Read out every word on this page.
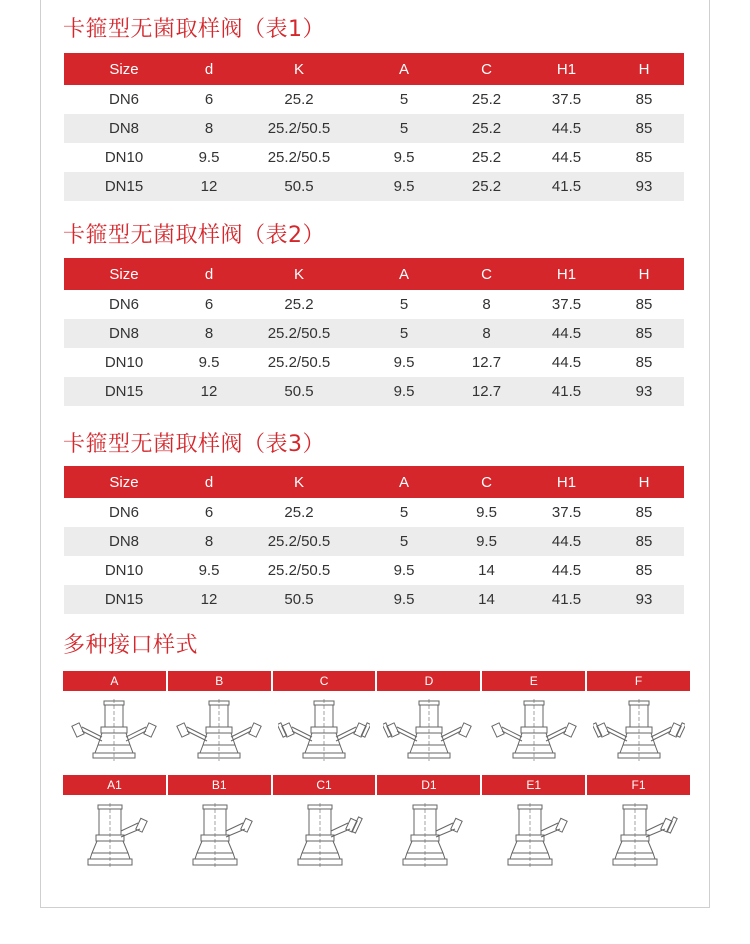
卡箍型无菌取样阀（表1）
Size	d	K	A	C	H1	H
DN6	6	25.2	5	25.2	37.5	85
DN8	8	25.2/50.5	5	25.2	44.5	85
DN10	9.5	25.2/50.5	9.5	25.2	44.5	85
DN15	12	50.5	9.5	25.2	41.5	93
卡箍型无菌取样阀（表2）
Size	d	K	A	C	H1	H
DN6	6	25.2	5	8	37.5	85
DN8	8	25.2/50.5	5	8	44.5	85
DN10	9.5	25.2/50.5	9.5	12.7	44.5	85
DN15	12	50.5	9.5	12.7	41.5	93
卡箍型无菌取样阀（表3）
Size	d	K	A	C	H1	H
DN6	6	25.2	5	9.5	37.5	85
DN8	8	25.2/50.5	5	9.5	44.5	85
DN10	9.5	25.2/50.5	9.5	14	44.5	85
DN15	12	50.5	9.5	14	41.5	93
多种接口样式
A	B	C	D	E	F
A1	B1	C1	D1	E1	F1
